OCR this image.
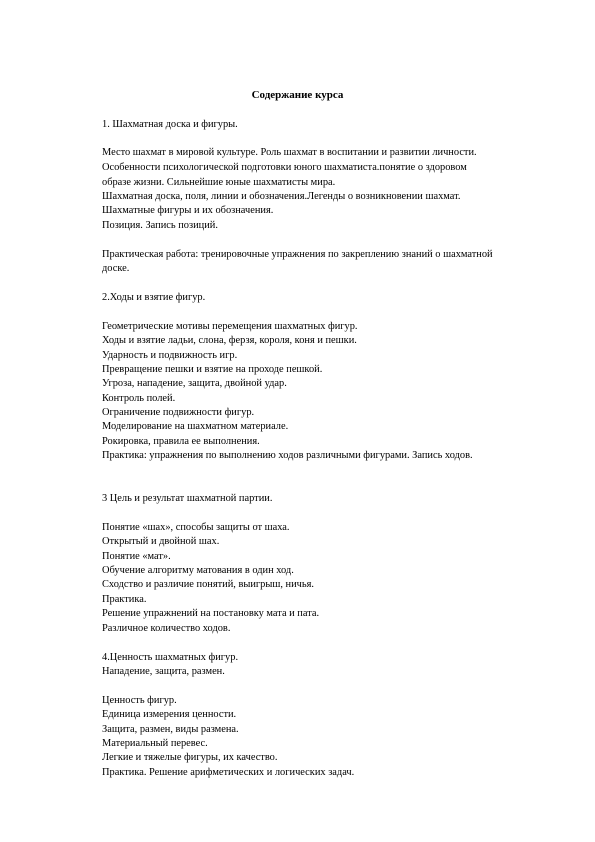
Содержание курса
1. Шахматная доска и фигуры.
Место шахмат в мировой культуре. Роль шахмат в воспитании и развитии личности.
Особенности психологической подготовки юного шахматиста.понятие о здоровом
образе жизни. Сильнейшие юные шахматисты мира.
Шахматная доска, поля, линии и обозначения.Легенды о возникновении шахмат.
Шахматные фигуры и их обозначения.
Позиция. Запись позиций.
Практическая работа: тренировочные упражнения по закреплению знаний о шахматной
доске.
2.Ходы и взятие фигур.
Геометрические мотивы перемещения шахматных фигур.
Ходы и взятие ладьи, слона, ферзя, короля, коня и пешки.
Ударность и подвижность игр.
Превращение пешки и взятие на проходе пешкой.
Угроза, нападение, защита, двойной удар.
Контроль полей.
Ограничение подвижности фигур.
Моделирование на шахматном материале.
Рокировка, правила ее выполнения.
Практика: упражнения по выполнению ходов различными фигурами. Запись ходов.
3 Цель и результат шахматной партии.
Понятие «шах», способы защиты от шаха.
Открытый и двойной шах.
Понятие «мат».
Обучение алгоритму матования в один ход.
Сходство и различие понятий, выигрыш, ничья.
Практика.
Решение упражнений на постановку мата и пата.
Различное количество ходов.
4.Ценность шахматных фигур.
Нападение, защита, размен.
Ценность фигур.
Единица измерения ценности.
Защита, размен, виды размена.
Материальный перевес.
Легкие и тяжелые фигуры, их качество.
Практика. Решение арифметических и логических задач.
